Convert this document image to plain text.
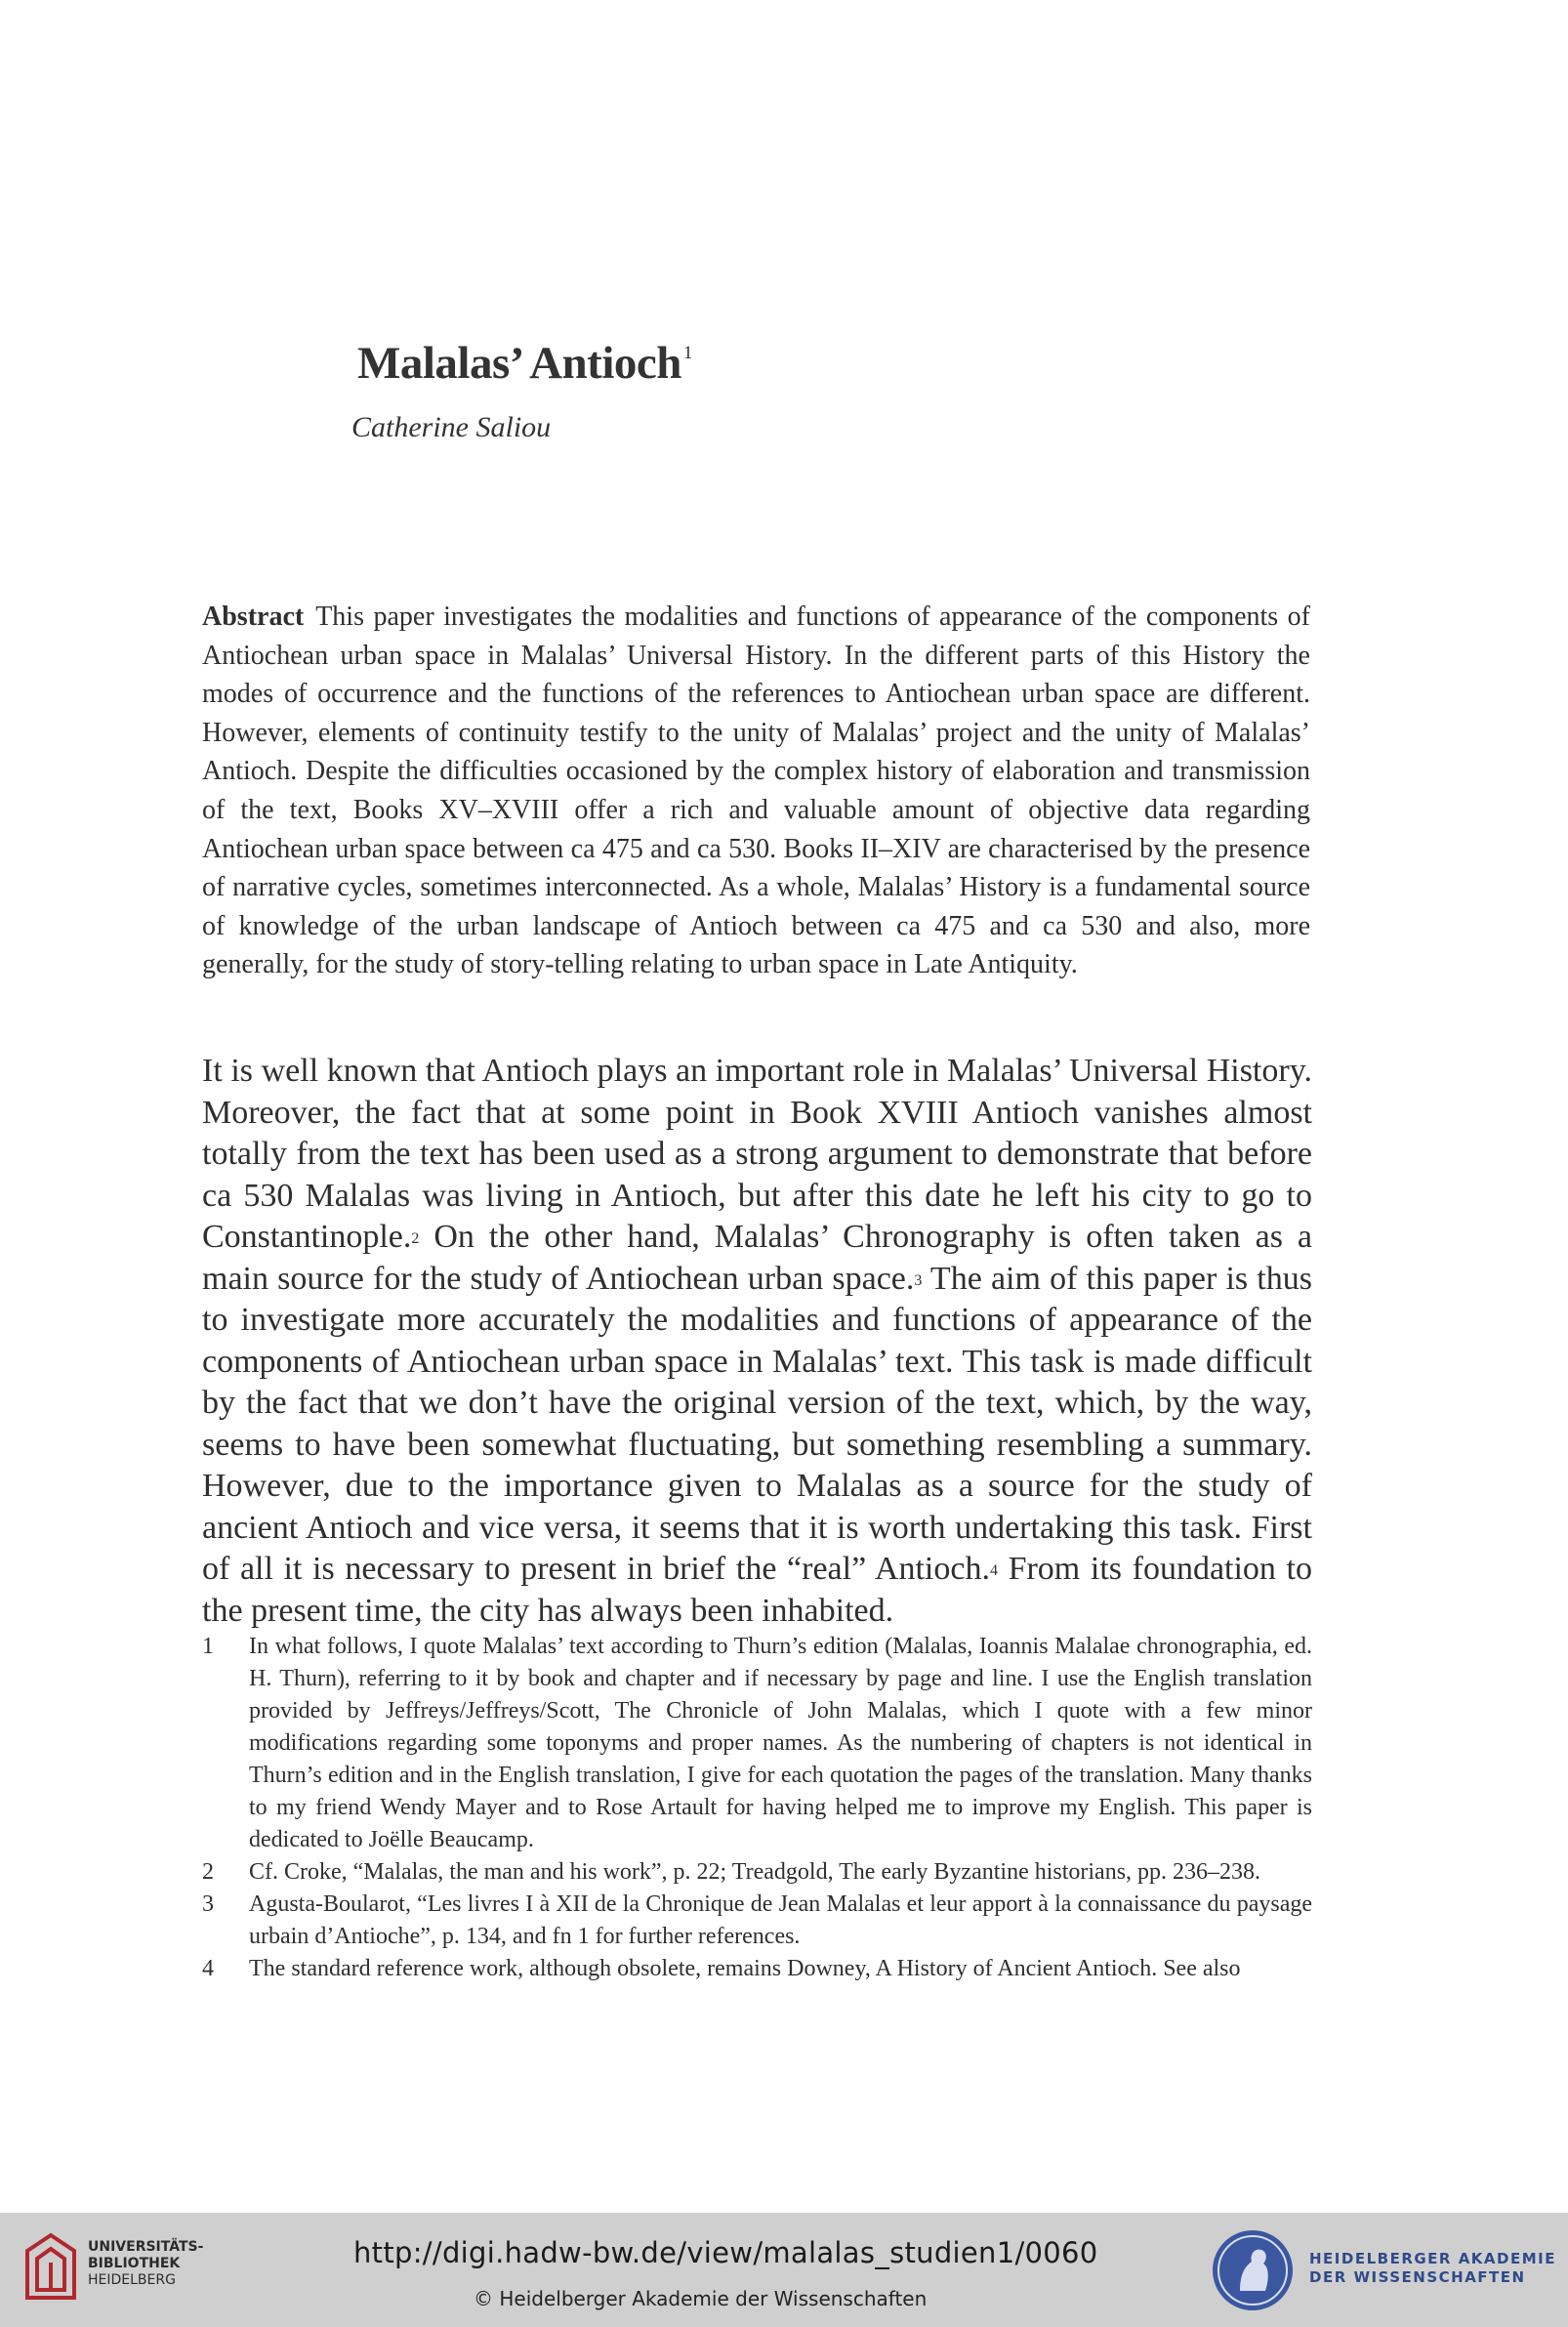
Malalas’ Antioch $^1$
Catherine Saliou

Abstract This paper investigates the modalities and functions of appearance of the components of Antiochean urban space in Malalas’ Universal History. In the different parts of this History the modes of occurrence and the functions of the references to Antiochean urban space are different. However, elements of continuity testify to the unity of Malalas’ project and the unity of Malalas’ Antioch. Despite the difficulties occasioned by the complex history of elaboration and transmission of the text, Books XV–XVIII offer a rich and valuable amount of objective data regarding Antiochean urban space between ca 475 and ca 530. Books II–XIV are characterised by the presence of narrative cycles, sometimes interconnected. As a whole, Malalas’ History is a fundamental source of knowledge of the urban landscape of Antioch between ca 475 and ca 530 and also, more generally, for the study of story-telling relating to urban space in Late Antiquity.

It is well known that Antioch plays an important role in Malalas’ Universal History. Moreover, the fact that at some point in Book XVIII Antioch vanishes almost totally from the text has been used as a strong argument to demonstrate that before ca 530 Malalas was living in Antioch, but after this date he left his city to go to Constantinople.$^2$ On the other hand, Malalas’ Chronography is often taken as a main source for the study of Antiochean urban space.$^3$ The aim of this paper is thus to investigate more accurately the modalities and functions of appearance of the components of Antiochean urban space in Malalas’ text. This task is made difficult by the fact that we don’t have the original version of the text, which, by the way, seems to have been somewhat fluctuating, but something resembling a summary. However, due to the importance given to Malalas as a source for the study of ancient Antioch and vice versa, it seems that it is worth undertaking this task. First of all it is necessary to present in brief the “real” Antioch.$^4$ From its foundation to the present time, the city has always been inhabited.

1	In what follows, I quote Malalas’ text according to Thurn’s edition (Malalas, Ioannis Malalae chronographia, ed. H. Thurn), referring to it by book and chapter and if necessary by page and line. I use the English translation provided by Jeffreys/Jeffreys/Scott, The Chronicle of John Malalas, which I quote with a few minor modifications regarding some toponyms and proper names. As the numbering of chapters is not identical in Thurn’s edition and in the English translation, I give for each quotation the pages of the translation. Many thanks to my friend Wendy Mayer and to Rose Artault for having helped me to improve my English. This paper is dedicated to Joëlle Beaucamp.
2	Cf. Croke, “Malalas, the man and his work”, p. 22; Treadgold, The early Byzantine historians, pp. 236–238.
3	Agusta-Boularot, “Les livres I à XII de la Chronique de Jean Malalas et leur apport à la connaissance du paysage urbain d’Antioche”, p. 134, and fn 1 for further references.
4	The standard reference work, although obsolete, remains Downey, A History of Ancient Antioch. See also
UNIVERSITÄTS-
BIBLIOTHEK
HEIDELBERG
http://digi.hadw-bw.de/view/malalas_studien1/0060
© Heidelberger Akademie der Wissenschaften
HEIDELBERGER AKADEMIE
DER WISSENSCHAFTEN
